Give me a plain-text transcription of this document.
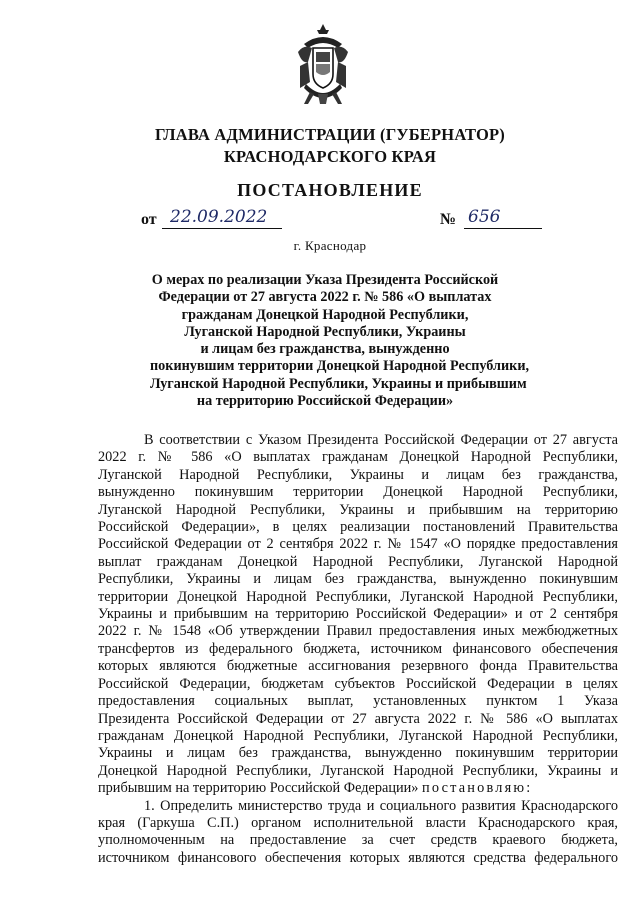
ГЛАВА АДМИНИСТРАЦИИ (ГУБЕРНАТОР)
КРАСНОДАРСКОГО КРАЯ
ПОСТАНОВЛЕНИЕ
от 22.09.2022	№ 656
г. Краснодар
О мерах по реализации Указа Президента Российской
Федерации от 27 августа 2022 г. № 586 «О выплатах
гражданам Донецкой Народной Республики,
Луганской Народной Республики, Украины
и лицам без гражданства, вынужденно
покинувшим территории Донецкой Народной Республики,
Луганской Народной Республики, Украины и прибывшим
на территорию Российской Федерации»
В соответствии с Указом Президента Российской Федерации от 27 августа
2022 г. № 586 «О выплатах гражданам Донецкой Народной Республики,
Луганской Народной Республики, Украины и лицам без гражданства,
вынужденно покинувшим территории Донецкой Народной Республики,
Луганской Народной Республики, Украины и прибывшим на территорию
Российской Федерации», в целях реализации постановлений Правительства
Российской Федерации от 2 сентября 2022 г. № 1547 «О порядке предоставления
выплат гражданам Донецкой Народной Республики, Луганской Народной
Республики, Украины и лицам без гражданства, вынужденно покинувшим
территории Донецкой Народной Республики, Луганской Народной Республики,
Украины и прибывшим на территорию Российской Федерации» и от 2 сентября
2022 г. № 1548 «Об утверждении Правил предоставления иных межбюджетных
трансфертов из федерального бюджета, источником финансового обеспечения
которых являются бюджетные ассигнования резервного фонда Правительства
Российской Федерации, бюджетам субъектов Российской Федерации в целях
предоставления социальных выплат, установленных пунктом 1 Указа
Президента Российской Федерации от 27 августа 2022 г. № 586 «О выплатах
гражданам Донецкой Народной Республики, Луганской Народной Республики,
Украины и лицам без гражданства, вынужденно покинувшим территории
Донецкой Народной Республики, Луганской Народной Республики, Украины и
прибывшим на территорию Российской Федерации» постановляю:
1. Определить министерство труда и социального развития Краснодарского
края (Гаркуша С.П.) органом исполнительной власти Краснодарского края,
уполномоченным на предоставление за счет средств краевого бюджета,
источником финансового обеспечения которых являются средства федерального
